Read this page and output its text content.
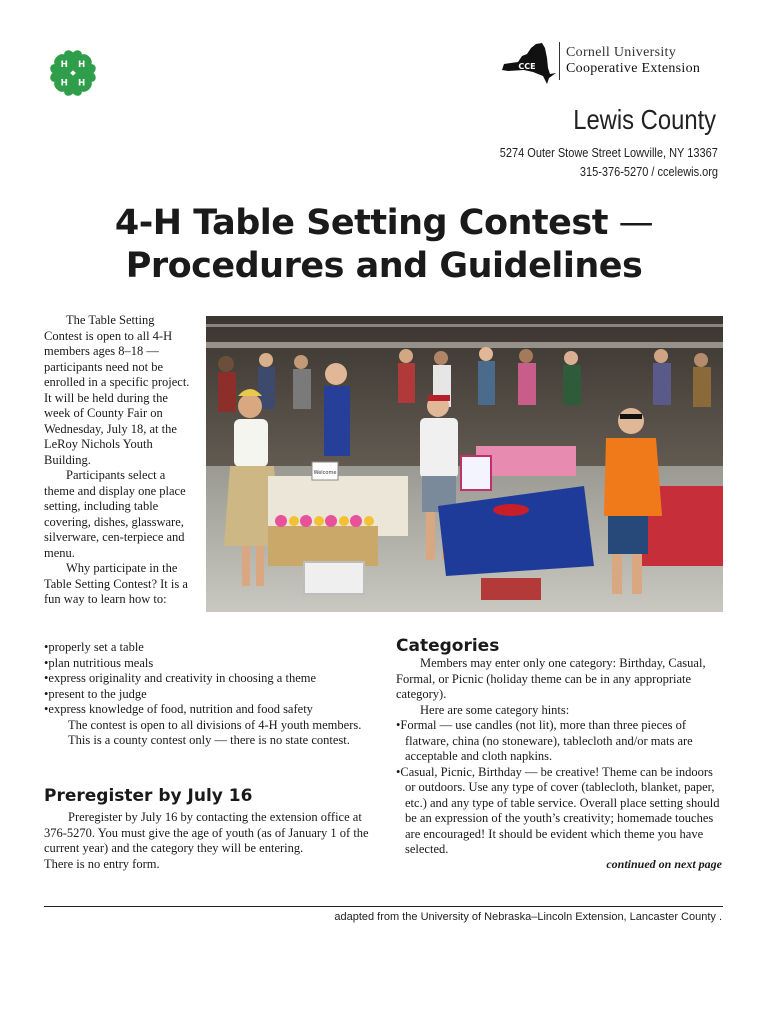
H H
H H
CCE
Cornell University
Cooperative Extension
Lewis County
5274 Outer Stowe Street Lowville, NY 13367
315-376-5270 / ccelewis.org
4-H Table Setting Contest —
Procedures and Guidelines

The Table Setting Contest is open to all 4-H members ages 8–18 — participants need not be enrolled in a specific project. It will be held during the week of County Fair on Wednesday, July 18, at the LeRoy Nichols Youth Building.

Participants select a theme and display one place setting, including table covering, dishes, glassware, silverware, cen-terpiece and menu.

Why participate in the Table Setting Contest? It is a fun way to learn how to:

Welcome
• properly set a table
• plan nutritious meals
• express originality and creativity in choosing a theme
• present to the judge
• express knowledge of food, nutrition and food safety

The contest is open to all divisions of 4-H youth members.

This is a county contest only — there is no state contest.

Preregister by July 16

Preregister by July 16 by contacting the extension office at 376-5270. You must give the age of youth (as of January 1 of the current year) and the category they will be entering.

There is no entry form.
Categories

Members may enter only one category: Birthday, Casual, Formal, or Picnic (holiday theme can be in any appropriate category).

Here are some category hints:

• Formal — use candles (not lit), more than three pieces of flatware, china (no stoneware), tablecloth and/or mats are acceptable and cloth napkins.
• Casual, Picnic, Birthday — be creative! Theme can be indoors or outdoors. Use any type of cover (tablecloth, blanket, paper, etc.) and any type of table service. Overall place setting should be an expression of the youth’s creativity; homemade touches are encouraged! It should be evident which theme you have selected.
continued on next page
adapted from the University of Nebraska–Lincoln Extension, Lancaster County .
